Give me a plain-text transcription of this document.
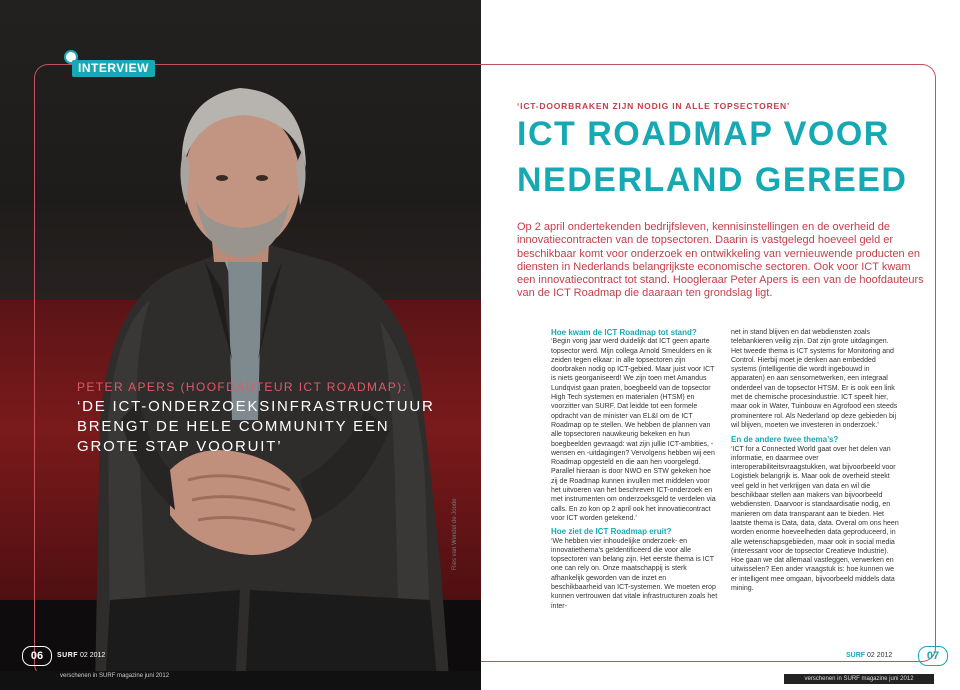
INTERVIEW
PETER APERS (HOOFDAUTEUR ICT ROADMAP):
‘DE ICT-ONDERZOEKSINFRASTRUCTUUR
BRENGT DE HELE COMMUNITY EEN
GROTE STAP VOORUIT’
Ries van Wendel de Joode
06	SURF 02 2012
verschenen in SURF magazine juni 2012
‘ICT-DOORBRAKEN ZIJN NODIG IN ALLE TOPSECTOREN’
ICT ROADMAP VOOR
NEDERLAND GEREED
Op 2 april ondertekenden bedrijfsleven, kennisinstellingen en de overheid de innovatiecontracten van de topsectoren. Daarin is vastgelegd hoeveel geld er beschikbaar komt voor onderzoek en ontwikkeling van vernieuwende producten en diensten in Nederlands belangrijkste economische sectoren. Ook voor ICT kwam een innovatiecontract tot stand. Hoogleraar Peter Apers is een van de hoofdauteurs van de ICT Roadmap die daaraan ten grondslag ligt.

Hoe kwam de ICT Roadmap tot stand?

‘Begin vorig jaar werd duidelijk dat ICT geen aparte topsector werd. Mijn collega Arnold Smeulders en ik zeiden tegen elkaar: in alle topsectoren zijn doorbraken nodig op ICT-gebied. Maar juist voor ICT is niets georganiseerd! We zijn toen met Amandus Lundqvist gaan praten, boegbeeld van de topsector High Tech systemen en materialen (HTSM) en voorzitter van SURF. Dat leidde tot een formele opdracht van de minister van EL&I om de ICT Roadmap op te stellen. We hebben de plannen van alle topsectoren nauwkeurig bekeken en hun boegbeelden gevraagd: wat zijn jullie ICT-ambities, -wensen en -uitdagingen? Vervolgens hebben wij een Roadmap opgesteld en die aan hen voorgelegd. Parallel hieraan is door NWO en STW gekeken hoe zij de Roadmap kunnen invullen met middelen voor het uitvoeren van het beschreven ICT-onderzoek en met instrumenten om onderzoeksgeld te verdelen via calls. En zo kon op 2 april ook het innovatiecontract voor ICT worden getekend.’

Hoe ziet de ICT Roadmap eruit?

‘We hebben vier inhoudelijke onderzoek- en innovatiethema’s geïdentificeerd die voor alle topsectoren van belang zijn. Het eerste thema is ICT one can rely on. Onze maatschappij is sterk afhankelijk geworden van de inzet en beschikbaarheid van ICT-systemen. We moeten erop kunnen vertrouwen dat vitale infrastructuren zoals het inter-

net in stand blijven en dat webdiensten zoals telebankieren veilig zijn. Dat zijn grote uitdagingen. Het tweede thema is ICT systems for Monitoring and Control. Hierbij moet je denken aan embedded systems (intelligentie die wordt ingebouwd in apparaten) en aan sensornetwerken, een integraal onderdeel van de topsector HTSM. Er is ook een link met de chemische procesindustrie. ICT speelt hier, maar ook in Water, Tuinbouw en Agrofood een steeds prominentere rol. Als Nederland op deze gebieden bij wil blijven, moeten we investeren in onderzoek.’

En de andere twee thema’s?

‘ICT for a Connected World gaat over het delen van informatie, en daarmee over interoperabiliteitsvraagstukken, wat bijvoorbeeld voor Logistiek belangrijk is. Maar ook de overheid steekt veel geld in het verkrijgen van data en wil die beschikbaar stellen aan makers van bijvoorbeeld webdiensten. Daarvoor is standaardisatie nodig, en manieren om data transparant aan te bieden. Het laatste thema is Data, data, data. Overal om ons heen worden enorme hoeveelheden data geproduceerd, in alle wetenschapsgebieden, maar ook in social media (interessant voor de topsector Creatieve Industrie). Hoe gaan we dat allemaal vastleggen, verwerken en uitwisselen? Een ander vraagstuk is: hoe kunnen we er intelligent mee omgaan, bijvoorbeeld middels data mining.

SURF 02 2012	07
verschenen in SURF magazine juni 2012
